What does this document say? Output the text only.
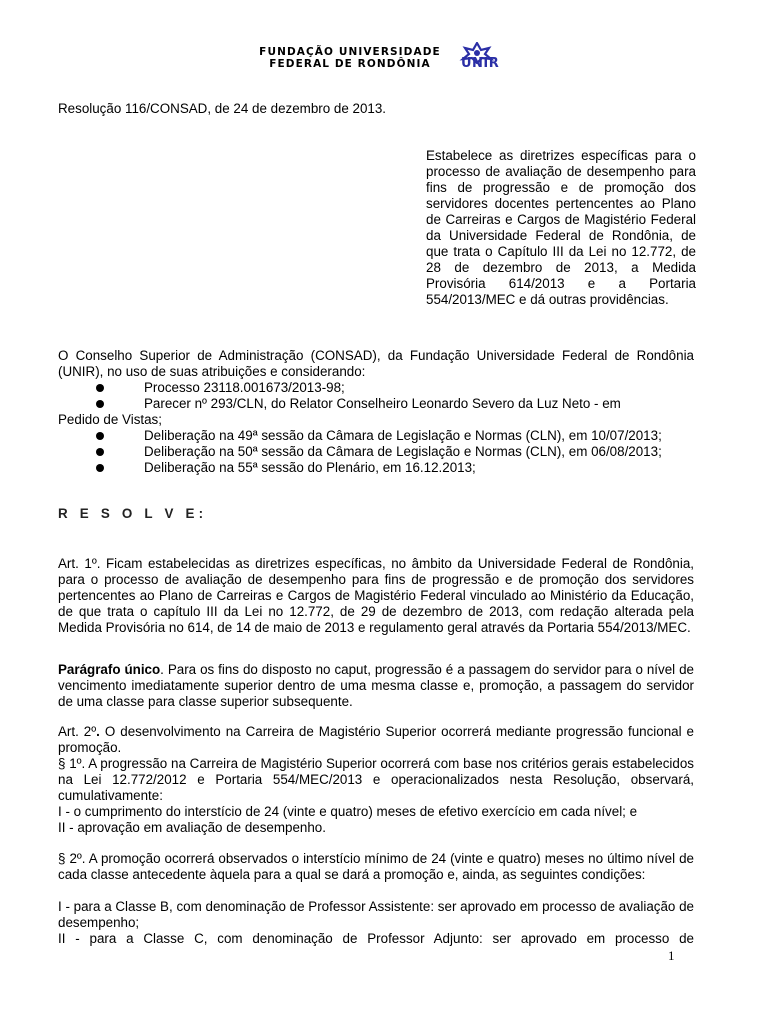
FUNDAÇÃO UNIVERSIDADE
FEDERAL DE RONDÔNIA	UNIR
Resolução 116/CONSAD, de 24 de dezembro de 2013.
Estabelece as diretrizes específicas para o processo de avaliação de desempenho para fins de progressão e de promoção dos servidores docentes pertencentes ao Plano de Carreiras e Cargos de Magistério Federal da Universidade Federal de Rondônia, de que trata o Capítulo III da Lei no 12.772, de 28 de dezembro de 2013, a Medida Provisória 614/2013 e a Portaria 554/2013/MEC e dá outras providências.
O Conselho Superior de Administração (CONSAD), da Fundação Universidade Federal de Rondônia (UNIR), no uso de suas atribuições e considerando:
Processo 23118.001673/2013-98;
Parecer nº 293/CLN, do Relator Conselheiro Leonardo Severo da Luz Neto - em
Pedido de Vistas;
Deliberação na 49ª sessão da Câmara de Legislação e Normas (CLN), em 10/07/2013;
Deliberação na 50ª sessão da Câmara de Legislação e Normas (CLN), em 06/08/2013;
Deliberação na 55ª sessão do Plenário, em 16.12.2013;
R E S O L V E:
Art. 1º. Ficam estabelecidas as diretrizes específicas, no âmbito da Universidade Federal de Rondônia, para o processo de avaliação de desempenho para fins de progressão e de promoção dos servidores pertencentes ao Plano de Carreiras e Cargos de Magistério Federal vinculado ao Ministério da Educação, de que trata o capítulo III da Lei no 12.772, de 29 de dezembro de 2013, com redação alterada pela Medida Provisória no 614, de 14 de maio de 2013 e regulamento geral através da Portaria 554/2013/MEC.
Parágrafo único. Para os fins do disposto no caput, progressão é a passagem do servidor para o nível de vencimento imediatamente superior dentro de uma mesma classe e, promoção, a passagem do servidor de uma classe para classe superior subsequente.
Art. 2º. O desenvolvimento na Carreira de Magistério Superior ocorrerá mediante progressão funcional e promoção.
§ 1º. A progressão na Carreira de Magistério Superior ocorrerá com base nos critérios gerais estabelecidos na Lei 12.772/2012 e Portaria 554/MEC/2013 e operacionalizados nesta Resolução, observará, cumulativamente:
I - o cumprimento do interstício de 24 (vinte e quatro) meses de efetivo exercício em cada nível; e
II - aprovação em avaliação de desempenho.
§ 2º. A promoção ocorrerá observados o interstício mínimo de 24 (vinte e quatro) meses no último nível de cada classe antecedente àquela para a qual se dará a promoção e, ainda, as seguintes condições:
I - para a Classe B, com denominação de Professor Assistente: ser aprovado em processo de avaliação de desempenho;
II - para a Classe C, com denominação de Professor Adjunto: ser aprovado em processo de
1
